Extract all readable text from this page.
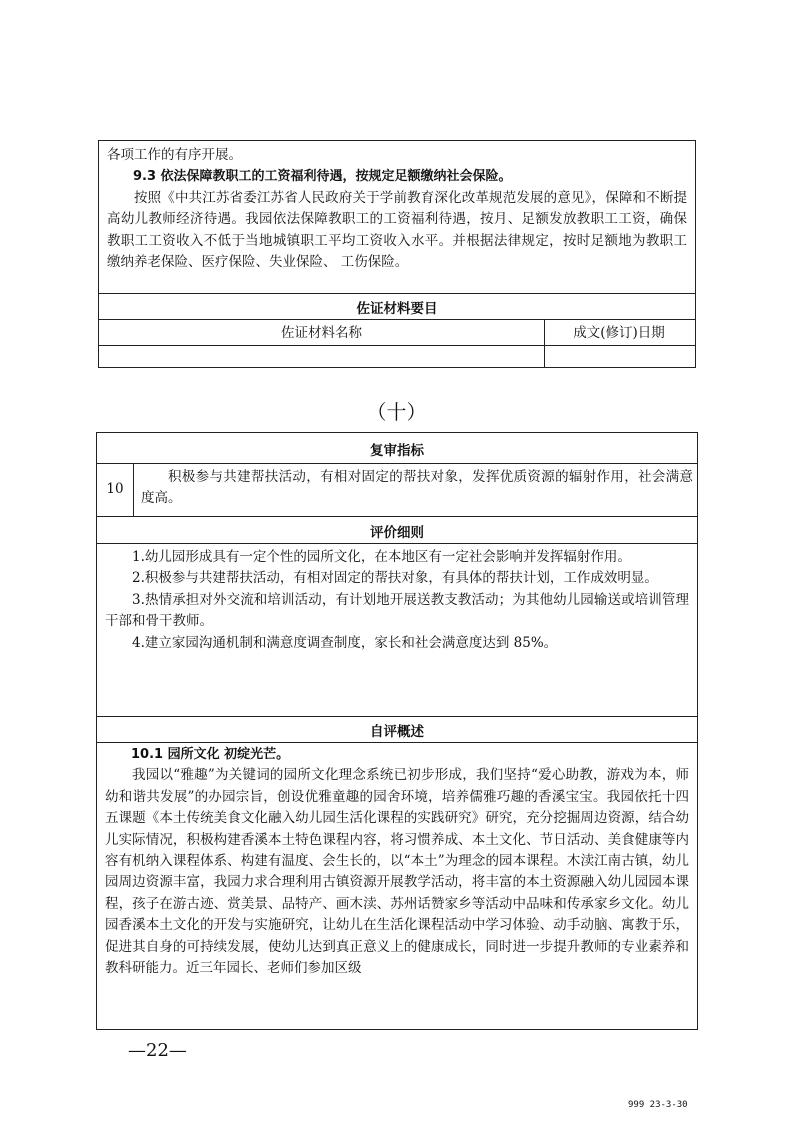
各项工作的有序开展。

9.3 依法保障教职工的工资福利待遇，按规定足额缴纳社会保险。

按照《中共江苏省委江苏省人民政府关于学前教育深化改革规范发展的意见》，保障和不断提高幼儿教师经济待遇。我园依法保障教职工的工资福利待遇，按月、足额发放教职工工资，确保教职工工资收入不低于当地城镇职工平均工资收入水平。并根据法律规定，按时足额地为教职工缴纳养老保险、医疗保险、失业保险、 工伤保险。

佐证材料要目
佐证材料名称	成文(修订)日期
（十）
复审指标
10

积极参与共建帮扶活动，有相对固定的帮扶对象，发挥优质资源的辐射作用，社会满意度高。

评价细则

1.幼儿园形成具有一定个性的园所文化，在本地区有一定社会影响并发挥辐射作用。

2.积极参与共建帮扶活动，有相对固定的帮扶对象，有具体的帮扶计划，工作成效明显。

3.热情承担对外交流和培训活动，有计划地开展送教支教活动；为其他幼儿园输送或培训管理干部和骨干教师。

4.建立家园沟通机制和满意度调查制度，家长和社会满意度达到 85%。

自评概述

10.1 园所文化 初绽光芒。

我园以“雅趣”为关键词的园所文化理念系统已初步形成，我们坚持“爱心助教，游戏为本，师幼和谐共发展”的办园宗旨，创设优雅童趣的园舍环境，培养儒雅巧趣的香溪宝宝。我园依托十四五课题《本土传统美食文化融入幼儿园生活化课程的实践研究》研究，充分挖掘周边资源，结合幼儿实际情况，积极构建香溪本土特色课程内容，将习惯养成、本土文化、节日活动、美食健康等内容有机纳入课程体系、构建有温度、会生长的，以“本土”为理念的园本课程。木渎江南古镇，幼儿园周边资源丰富，我园力求合理利用古镇资源开展教学活动，将丰富的本土资源融入幼儿园园本课程，孩子在游古迹、赏美景、品特产、画木渎、苏州话赞家乡等活动中品味和传承家乡文化。幼儿园香溪本土文化的开发与实施研究，让幼儿在生活化课程活动中学习体验、动手动脑、寓教于乐，促进其自身的可持续发展，使幼儿达到真正意义上的健康成长，同时进一步提升教师的专业素养和教科研能力。近三年园长、老师们参加区级

—22—
999 23-3-30
